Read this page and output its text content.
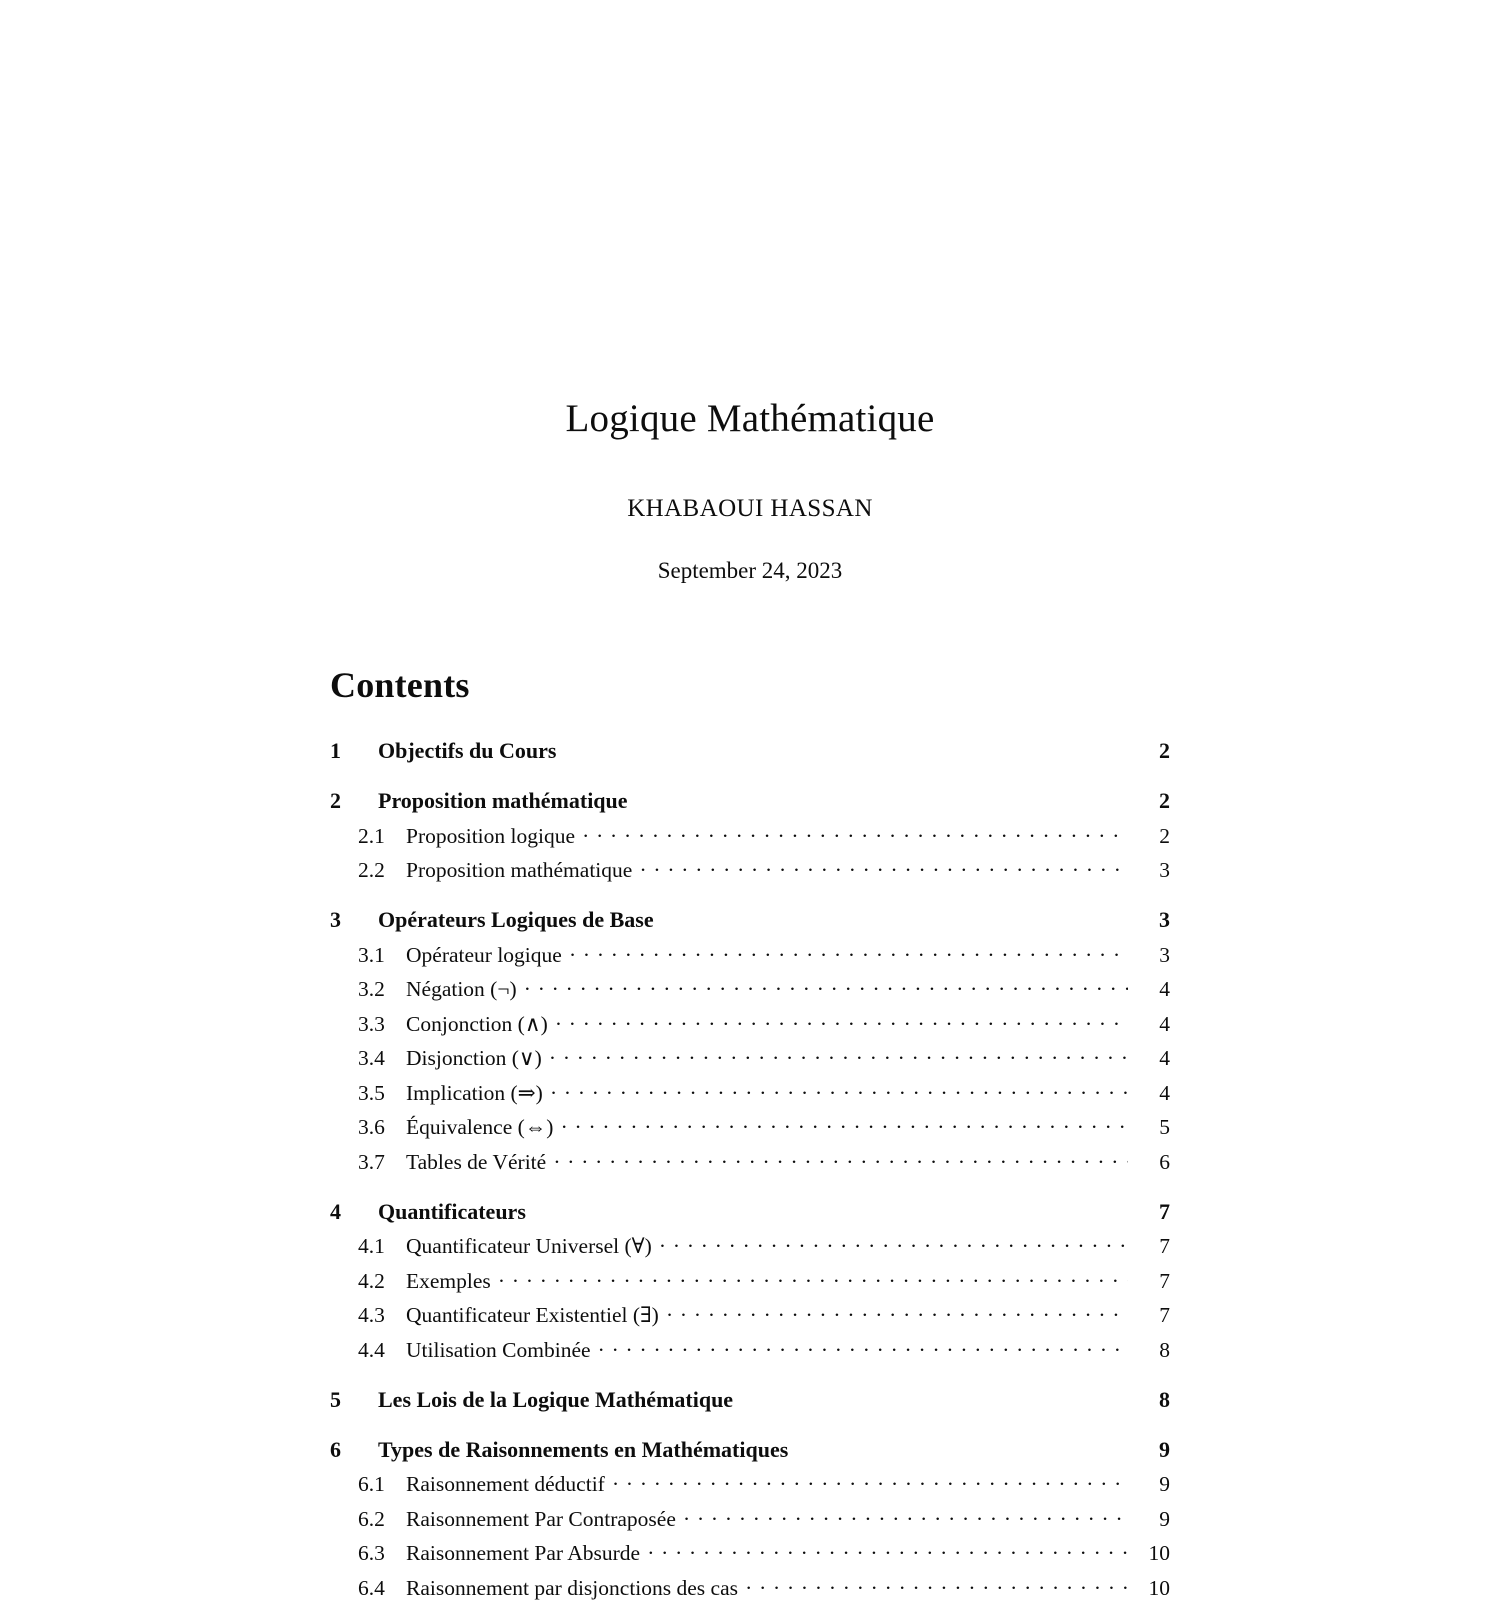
Logique Mathématique
KHABAOUI HASSAN
September 24, 2023
Contents
1	Objectifs du Cours	2
2	Proposition mathématique	2
2.1 Proposition logique . . .	2
2.2 Proposition mathématique . . .	3
3	Opérateurs Logiques de Base	3
3.1 Opérateur logique . . .	3
3.2 Négation (¬) . . .	4
3.3 Conjonction (∧) . . .	4
3.4 Disjonction (∨) . . .	4
3.5 Implication (⇒) . . .	4
3.6 Équivalence (⇔) . . .	5
3.7 Tables de Vérité . . .	6
4	Quantificateurs	7
4.1 Quantificateur Universel (∀) . . .	7
4.2 Exemples . . .	7
4.3 Quantificateur Existentiel (∃) . . .	7
4.4 Utilisation Combinée . . .	8
5	Les Lois de la Logique Mathématique	8
6	Types de Raisonnements en Mathématiques	9
6.1 Raisonnement déductif . . .	9
6.2 Raisonnement Par Contraposée . . .	9
6.3 Raisonnement Par Absurde . . .	10
6.4 Raisonnement par disjonctions des cas . . .	10
